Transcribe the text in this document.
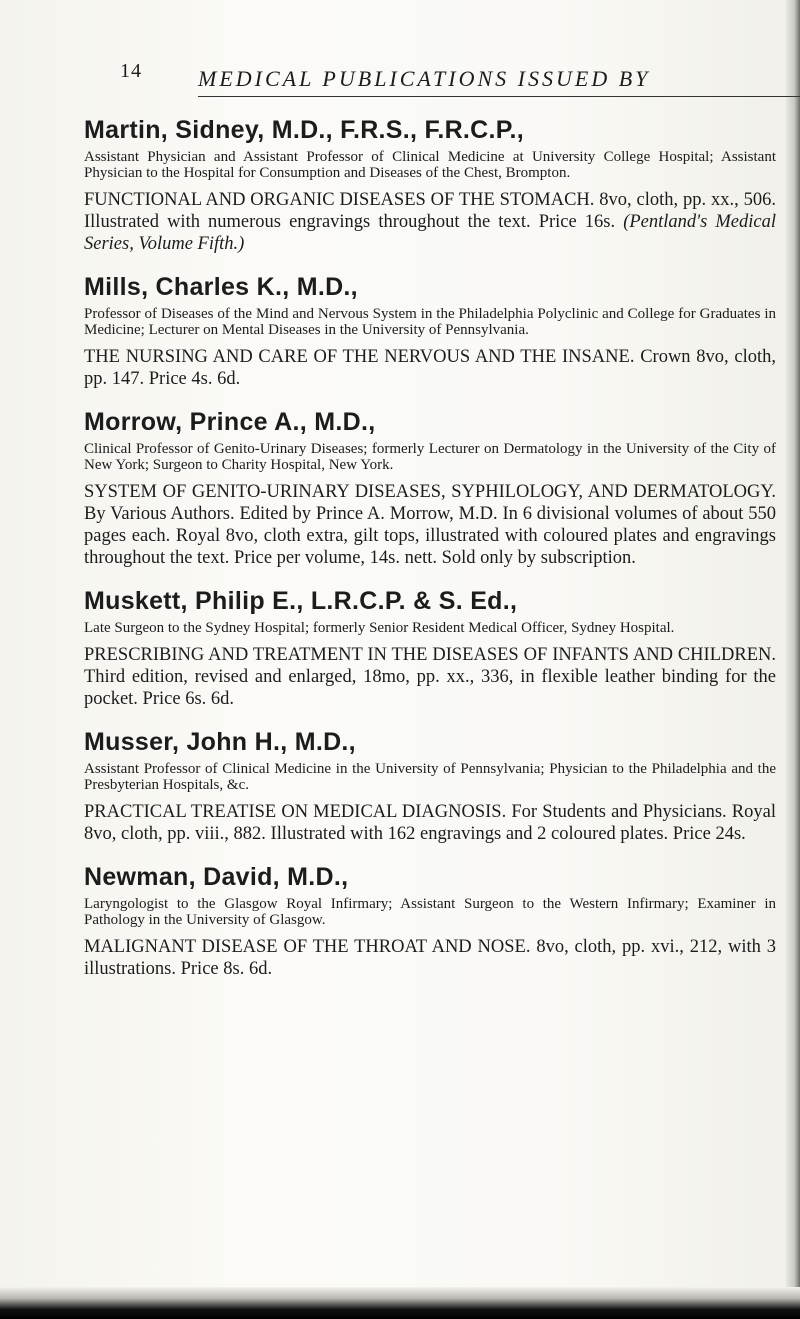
14	MEDICAL PUBLICATIONS ISSUED BY
Martin, Sidney, M.D., F.R.S., F.R.C.P.,
Assistant Physician and Assistant Professor of Clinical Medicine at University College Hospital; Assistant Physician to the Hospital for Consumption and Diseases of the Chest, Brompton.
FUNCTIONAL AND ORGANIC DISEASES OF THE STOMACH. 8vo, cloth, pp. xx., 506. Illustrated with numerous engravings throughout the text. Price 16s. (Pentland's Medical Series, Volume Fifth.)
Mills, Charles K., M.D.,
Professor of Diseases of the Mind and Nervous System in the Philadelphia Polyclinic and College for Graduates in Medicine; Lecturer on Mental Diseases in the University of Pennsylvania.
THE NURSING AND CARE OF THE NERVOUS AND THE INSANE. Crown 8vo, cloth, pp. 147. Price 4s. 6d.
Morrow, Prince A., M.D.,
Clinical Professor of Genito-Urinary Diseases; formerly Lecturer on Dermatology in the University of the City of New York; Surgeon to Charity Hospital, New York.
SYSTEM OF GENITO-URINARY DISEASES, SYPHILOLOGY, AND DERMATOLOGY. By Various Authors. Edited by Prince A. Morrow, M.D. In 6 divisional volumes of about 550 pages each. Royal 8vo, cloth extra, gilt tops, illustrated with coloured plates and engravings throughout the text. Price per volume, 14s. nett. Sold only by subscription.
Muskett, Philip E., L.R.C.P. & S. Ed.,
Late Surgeon to the Sydney Hospital; formerly Senior Resident Medical Officer, Sydney Hospital.
PRESCRIBING AND TREATMENT IN THE DISEASES OF INFANTS AND CHILDREN. Third edition, revised and enlarged, 18mo, pp. xx., 336, in flexible leather binding for the pocket. Price 6s. 6d.
Musser, John H., M.D.,
Assistant Professor of Clinical Medicine in the University of Pennsylvania; Physician to the Philadelphia and the Presbyterian Hospitals, &c.
PRACTICAL TREATISE ON MEDICAL DIAGNOSIS. For Students and Physicians. Royal 8vo, cloth, pp. viii., 882. Illustrated with 162 engravings and 2 coloured plates. Price 24s.
Newman, David, M.D.,
Laryngologist to the Glasgow Royal Infirmary; Assistant Surgeon to the Western Infirmary; Examiner in Pathology in the University of Glasgow.
MALIGNANT DISEASE OF THE THROAT AND NOSE. 8vo, cloth, pp. xvi., 212, with 3 illustrations. Price 8s. 6d.
